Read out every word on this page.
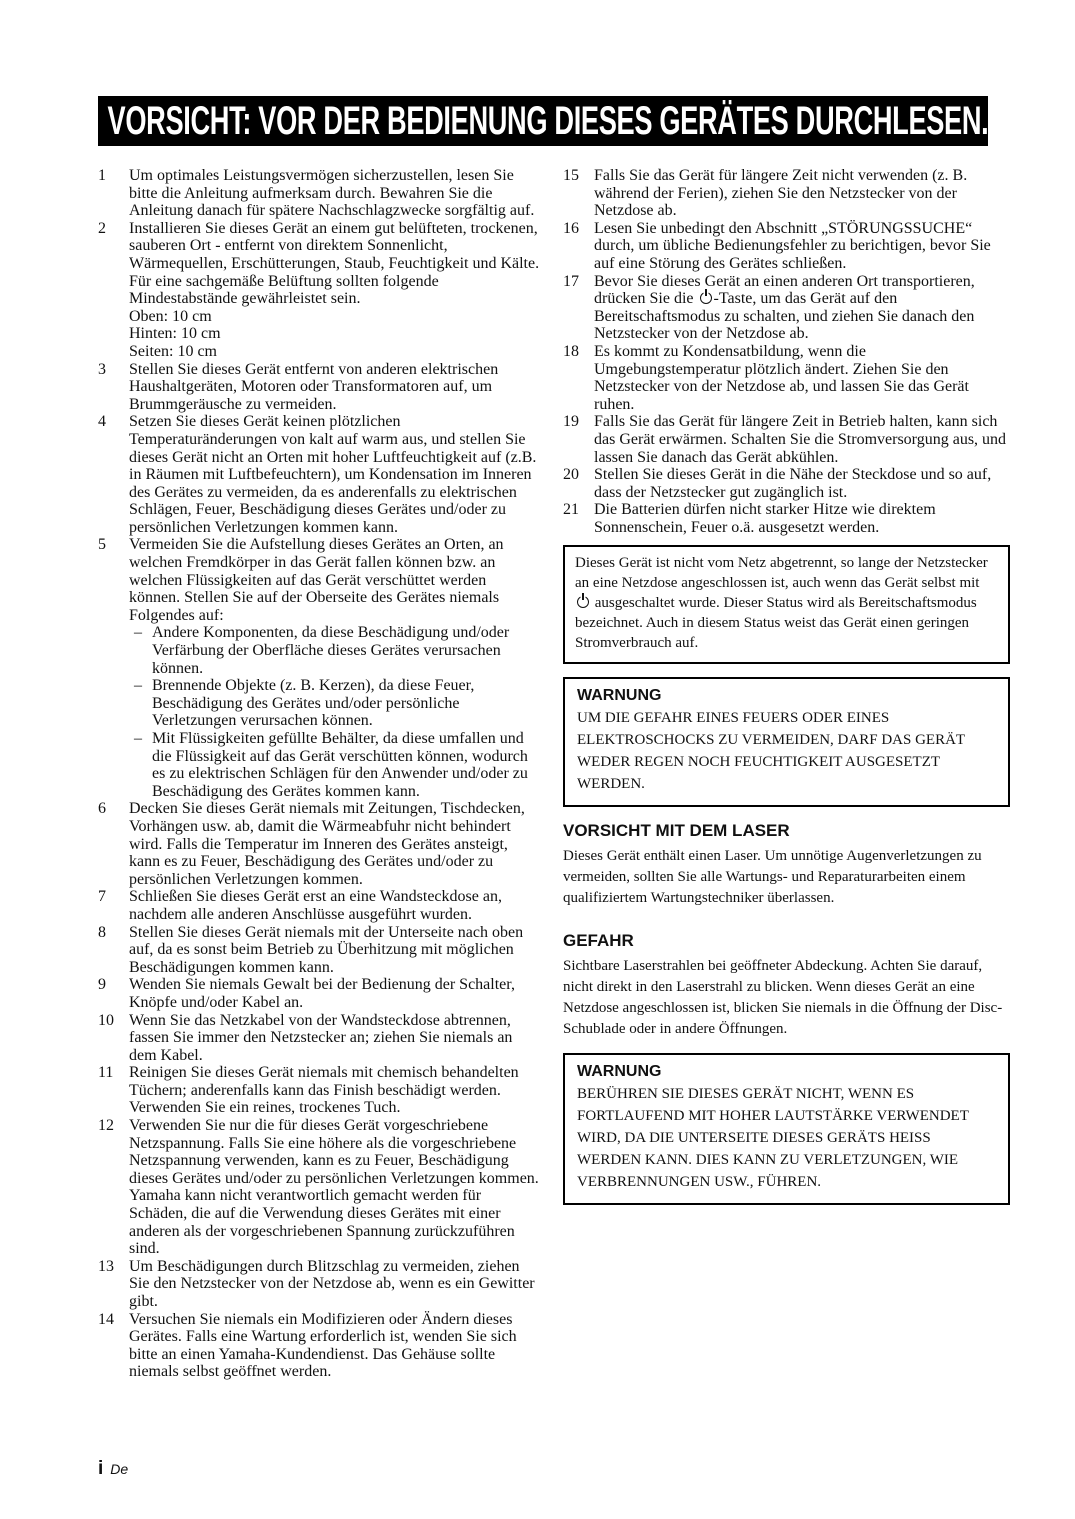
VORSICHT: VOR DER BEDIENUNG DIESES GERÄTES DURCHLESEN.
1 Um optimales Leistungsvermögen sicherzustellen, lesen Sie bitte die Anleitung aufmerksam durch. Bewahren Sie die Anleitung danach für spätere Nachschlagzwecke sorgfältig auf.
2 Installieren Sie dieses Gerät an einem gut belüfteten, trockenen, sauberen Ort - entfernt von direktem Sonnenlicht, Wärmequellen, Erschütterungen, Staub, Feuchtigkeit und Kälte. Für eine sachgemäße Belüftung sollten folgende Mindestabstände gewährleistet sein.
Oben: 10 cm
Hinten: 10 cm
Seiten: 10 cm
3 Stellen Sie dieses Gerät entfernt von anderen elektrischen Haushaltgeräten, Motoren oder Transformatoren auf, um Brummgeräusche zu vermeiden.
4 Setzen Sie dieses Gerät keinen plötzlichen Temperaturänderungen von kalt auf warm aus, und stellen Sie dieses Gerät nicht an Orten mit hoher Luftfeuchtigkeit auf (z.B. in Räumen mit Luftbefeuchtern), um Kondensation im Inneren des Gerätes zu vermeiden, da es anderenfalls zu elektrischen Schlägen, Feuer, Beschädigung dieses Gerätes und/oder zu persönlichen Verletzungen kommen kann.
5 Vermeiden Sie die Aufstellung dieses Gerätes an Orten, an welchen Fremdkörper in das Gerät fallen können bzw. an welchen Flüssigkeiten auf das Gerät verschüttet werden können. Stellen Sie auf der Oberseite des Gerätes niemals Folgendes auf:
– Andere Komponenten, da diese Beschädigung und/oder Verfärbung der Oberfläche dieses Gerätes verursachen können.
– Brennende Objekte (z. B. Kerzen), da diese Feuer, Beschädigung des Gerätes und/oder persönliche Verletzungen verursachen können.
– Mit Flüssigkeiten gefüllte Behälter, da diese umfallen und die Flüssigkeit auf das Gerät verschütten können, wodurch es zu elektrischen Schlägen für den Anwender und/oder zu Beschädigung des Gerätes kommen kann.
6 Decken Sie dieses Gerät niemals mit Zeitungen, Tischdecken, Vorhängen usw. ab, damit die Wärmeabfuhr nicht behindert wird. Falls die Temperatur im Inneren des Gerätes ansteigt, kann es zu Feuer, Beschädigung des Gerätes und/oder zu persönlichen Verletzungen kommen.
7 Schließen Sie dieses Gerät erst an eine Wandsteckdose an, nachdem alle anderen Anschlüsse ausgeführt wurden.
8 Stellen Sie dieses Gerät niemals mit der Unterseite nach oben auf, da es sonst beim Betrieb zu Überhitzung mit möglichen Beschädigungen kommen kann.
9 Wenden Sie niemals Gewalt bei der Bedienung der Schalter, Knöpfe und/oder Kabel an.
10 Wenn Sie das Netzkabel von der Wandsteckdose abtrennen, fassen Sie immer den Netzstecker an; ziehen Sie niemals an dem Kabel.
11 Reinigen Sie dieses Gerät niemals mit chemisch behandelten Tüchern; anderenfalls kann das Finish beschädigt werden. Verwenden Sie ein reines, trockenes Tuch.
12 Verwenden Sie nur die für dieses Gerät vorgeschriebene Netzspannung. Falls Sie eine höhere als die vorgeschriebene Netzspannung verwenden, kann es zu Feuer, Beschädigung dieses Gerätes und/oder zu persönlichen Verletzungen kommen. Yamaha kann nicht verantwortlich gemacht werden für Schäden, die auf die Verwendung dieses Gerätes mit einer anderen als der vorgeschriebenen Spannung zurückzuführen sind.
13 Um Beschädigungen durch Blitzschlag zu vermeiden, ziehen Sie den Netzstecker von der Netzdose ab, wenn es ein Gewitter gibt.
14 Versuchen Sie niemals ein Modifizieren oder Ändern dieses Gerätes. Falls eine Wartung erforderlich ist, wenden Sie sich bitte an einen Yamaha-Kundendienst. Das Gehäuse sollte niemals selbst geöffnet werden.
15 Falls Sie das Gerät für längere Zeit nicht verwenden (z. B. während der Ferien), ziehen Sie den Netzstecker von der Netzdose ab.
16 Lesen Sie unbedingt den Abschnitt „STÖRUNGSSUCHE“ durch, um übliche Bedienungsfehler zu berichtigen, bevor Sie auf eine Störung des Gerätes schließen.
17 Bevor Sie dieses Gerät an einen anderen Ort transportieren, drücken Sie die -Taste, um das Gerät auf den Bereitschaftsmodus zu schalten, und ziehen Sie danach den Netzstecker von der Netzdose ab.
18 Es kommt zu Kondensatbildung, wenn die Umgebungstemperatur plötzlich ändert. Ziehen Sie den Netzstecker von der Netzdose ab, und lassen Sie das Gerät ruhen.
19 Falls Sie das Gerät für längere Zeit in Betrieb halten, kann sich das Gerät erwärmen. Schalten Sie die Stromversorgung aus, und lassen Sie danach das Gerät abkühlen.
20 Stellen Sie dieses Gerät in die Nähe der Steckdose und so auf, dass der Netzstecker gut zugänglich ist.
21 Die Batterien dürfen nicht starker Hitze wie direktem Sonnenschein, Feuer o.ä. ausgesetzt werden.
Dieses Gerät ist nicht vom Netz abgetrennt, so lange der Netzstecker an eine Netzdose angeschlossen ist, auch wenn das Gerät selbst mit  ausgeschaltet wurde. Dieser Status wird als Bereitschaftsmodus bezeichnet. Auch in diesem Status weist das Gerät einen geringen Stromverbrauch auf.
WARNUNG
UM DIE GEFAHR EINES FEUERS ODER EINES ELEKTROSCHOCKS ZU VERMEIDEN, DARF DAS GERÄT WEDER REGEN NOCH FEUCHTIGKEIT AUSGESETZT WERDEN.
VORSICHT MIT DEM LASER
Dieses Gerät enthält einen Laser. Um unnötige Augenverletzungen zu vermeiden, sollten Sie alle Wartungs- und Reparaturarbeiten einem qualifiziertem Wartungstechniker überlassen.
GEFAHR
Sichtbare Laserstrahlen bei geöffneter Abdeckung. Achten Sie darauf, nicht direkt in den Laserstrahl zu blicken. Wenn dieses Gerät an eine Netzdose angeschlossen ist, blicken Sie niemals in die Öffnung der Disc-Schublade oder in andere Öffnungen.
WARNUNG
BERÜHREN SIE DIESES GERÄT NICHT, WENN ES FORTLAUFEND MIT HOHER LAUTSTÄRKE VERWENDET WIRD, DA DIE UNTERSEITE DIESES GERÄTS HEISS WERDEN KANN. DIES KANN ZU VERLETZUNGEN, WIE VERBRENNUNGEN USW., FÜHREN.
i De
